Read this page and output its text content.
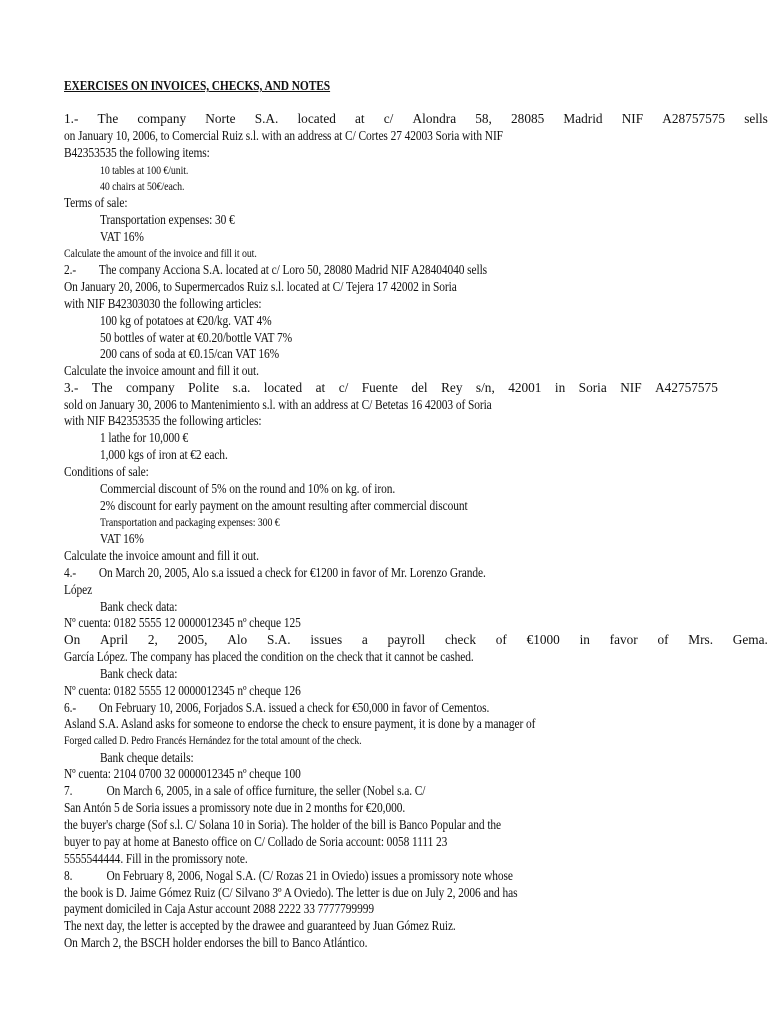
EXERCISES ON INVOICES, CHECKS, AND NOTES
1.- The company Norte S.A. located at c/ Alondra 58, 28085 Madrid NIF A28757575 sells
on January 10, 2006, to Comercial Ruiz s.l. with an address at C/ Cortes 27 42003 Soria with NIF
B42353535 the following items:
10 tables at 100 €/unit.
40 chairs at 50€/each.
Terms of sale:
Transportation expenses: 30 €
VAT 16%
Calculate the amount of the invoice and fill it out.
2.-  The company Acciona S.A. located at c/ Loro 50, 28080 Madrid NIF A28404040 sells
On January 20, 2006, to Supermercados Ruiz s.l. located at C/ Tejera 17 42002 in Soria
with NIF B42303030 the following articles:
100 kg of potatoes at €20/kg. VAT 4%
50 bottles of water at €0.20/bottle VAT 7%
200 cans of soda at €0.15/can VAT 16%
Calculate the invoice amount and fill it out.
3.- The company Polite s.a. located at c/ Fuente del Rey s/n, 42001 in Soria NIF A42757575
sold on January 30, 2006 to Mantenimiento s.l. with an address at C/ Betetas 16 42003 of Soria
with NIF B42353535 the following articles:
1 lathe for 10,000 €
1,000 kgs of iron at €2 each.
Conditions of sale:
Commercial discount of 5% on the round and 10% on kg. of iron.
2% discount for early payment on the amount resulting after commercial discount
Transportation and packaging expenses: 300 €
VAT 16%
Calculate the invoice amount and fill it out.
4.-  On March 20, 2005, Alo s.a issued a check for €1200 in favor of Mr. Lorenzo Grande.
López
Bank check data:
Nº cuenta: 0182 5555 12 0000012345 nº cheque 125
On April 2, 2005, Alo S.A. issues a payroll check of €1000 in favor of Mrs. Gema.
García López. The company has placed the condition on the check that it cannot be cashed.
Bank check data:
Nº cuenta: 0182 5555 12 0000012345 nº cheque 126
6.-  On February 10, 2006, Forjados S.A. issued a check for €50,000 in favor of Cementos.
Asland S.A. Asland asks for someone to endorse the check to ensure payment, it is done by a manager of
Forged called D. Pedro Francés Hernández for the total amount of the check.
Bank cheque details:
Nº cuenta: 2104 0700 32 0000012345 nº cheque 100
7.   On March 6, 2005, in a sale of office furniture, the seller (Nobel s.a. C/
San Antón 5 de Soria issues a promissory note due in 2 months for €20,000.
the buyer's charge (Sof s.l. C/ Solana 10 in Soria). The holder of the bill is Banco Popular and the
buyer to pay at home at Banesto office on C/ Collado de Soria account: 0058 1111 23
5555544444. Fill in the promissory note.
8.   On February 8, 2006, Nogal S.A. (C/ Rozas 21 in Oviedo) issues a promissory note whose
the book is D. Jaime Gómez Ruiz (C/ Silvano 3º A Oviedo). The letter is due on July 2, 2006 and has
payment domiciled in Caja Astur account 2088 2222 33 7777799999
The next day, the letter is accepted by the drawee and guaranteed by Juan Gómez Ruiz.
On March 2, the BSCH holder endorses the bill to Banco Atlántico.
